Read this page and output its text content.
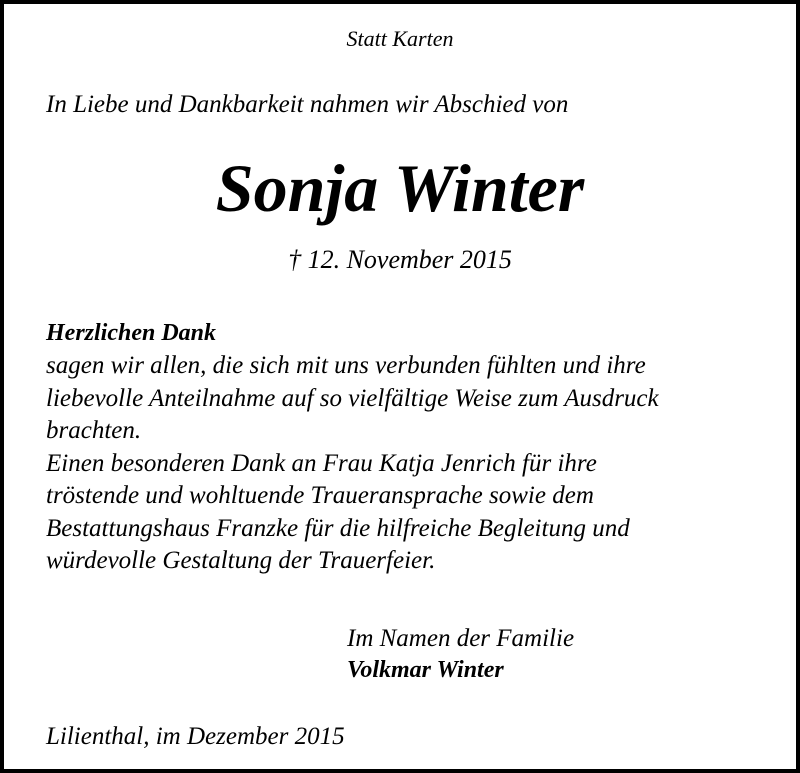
Statt Karten

In Liebe und Dankbarkeit nahmen wir Abschied von

Sonja Winter

† 12. November 2015

Herzlichen Dank

sagen wir allen, die sich mit uns verbunden fühlten und ihre
liebevolle Anteilnahme auf so vielfältige Weise zum Ausdruck
brachten.
Einen besonderen Dank an Frau Katja Jenrich für ihre
tröstende und wohltuende Traueransprache sowie dem
Bestattungshaus Franzke für die hilfreiche Begleitung und
würdevolle Gestaltung der Trauerfeier.

Im Namen der Familie

Volkmar Winter

Lilienthal, im Dezember 2015
